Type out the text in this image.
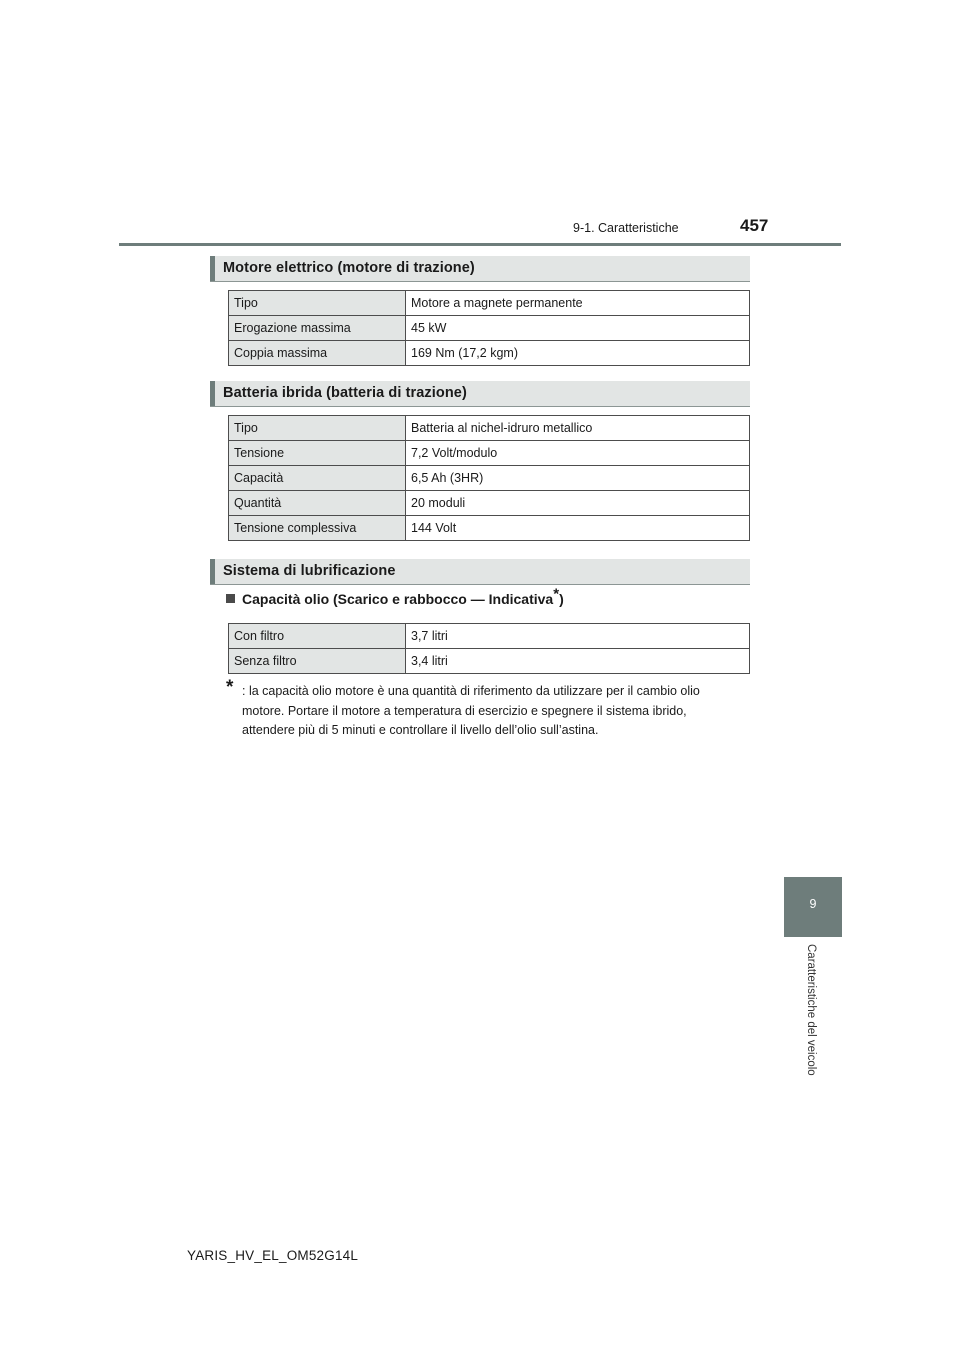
9-1. Caratteristiche	457
Motore elettrico (motore di trazione)
Tipo	Motore a magnete permanente
Erogazione massima	45 kW
Coppia massima	169 Nm (17,2 kgm)
Batteria ibrida (batteria di trazione)
Tipo	Batteria al nichel-idruro metallico
Tensione	7,2 Volt/modulo
Capacità	6,5 Ah (3HR)
Quantità	20 moduli
Tensione complessiva	144 Volt
Sistema di lubrificazione
Capacità olio (Scarico e rabbocco — Indicativa*)
Con filtro	3,7 litri
Senza filtro	3,4 litri
* : la capacità olio motore è una quantità di riferimento da utilizzare per il cambio olio

motore. Portare il motore a temperatura di esercizio e spegnere il sistema ibrido,

attendere più di 5 minuti e controllare il livello dell’olio sull’astina.

9
Caratteristiche del veicolo
YARIS_HV_EL_OM52G14L
